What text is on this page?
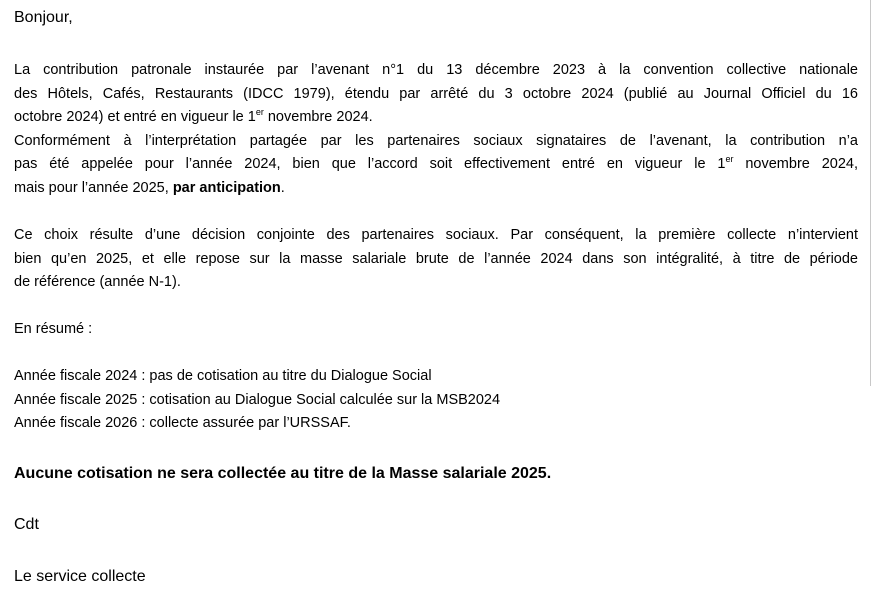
Bonjour,

La contribution patronale instaurée par l’avenant n°1 du 13 décembre 2023 à la convention collective nationale

des Hôtels, Cafés, Restaurants (IDCC 1979), étendu par arrêté du 3 octobre 2024 (publié au Journal Officiel du 16

octobre 2024) et entré en vigueur le 1er novembre 2024.

Conformément à l’interprétation partagée par les partenaires sociaux signataires de l’avenant, la contribution n’a

pas été appelée pour l’année 2024, bien que l’accord soit effectivement entré en vigueur le 1er novembre 2024,

mais pour l’année 2025, par anticipation.

Ce choix résulte d’une décision conjointe des partenaires sociaux. Par conséquent, la première collecte n’intervient

bien qu’en 2025, et elle repose sur la masse salariale brute de l’année 2024 dans son intégralité, à titre de période

de référence (année N-1).

En résumé :

Année fiscale 2024 : pas de cotisation au titre du Dialogue Social

Année fiscale 2025 : cotisation au Dialogue Social calculée sur la MSB2024

Année fiscale 2026 : collecte assurée par l’URSSAF.

Aucune cotisation ne sera collectée au titre de la Masse salariale 2025.

Cdt

Le service collecte
